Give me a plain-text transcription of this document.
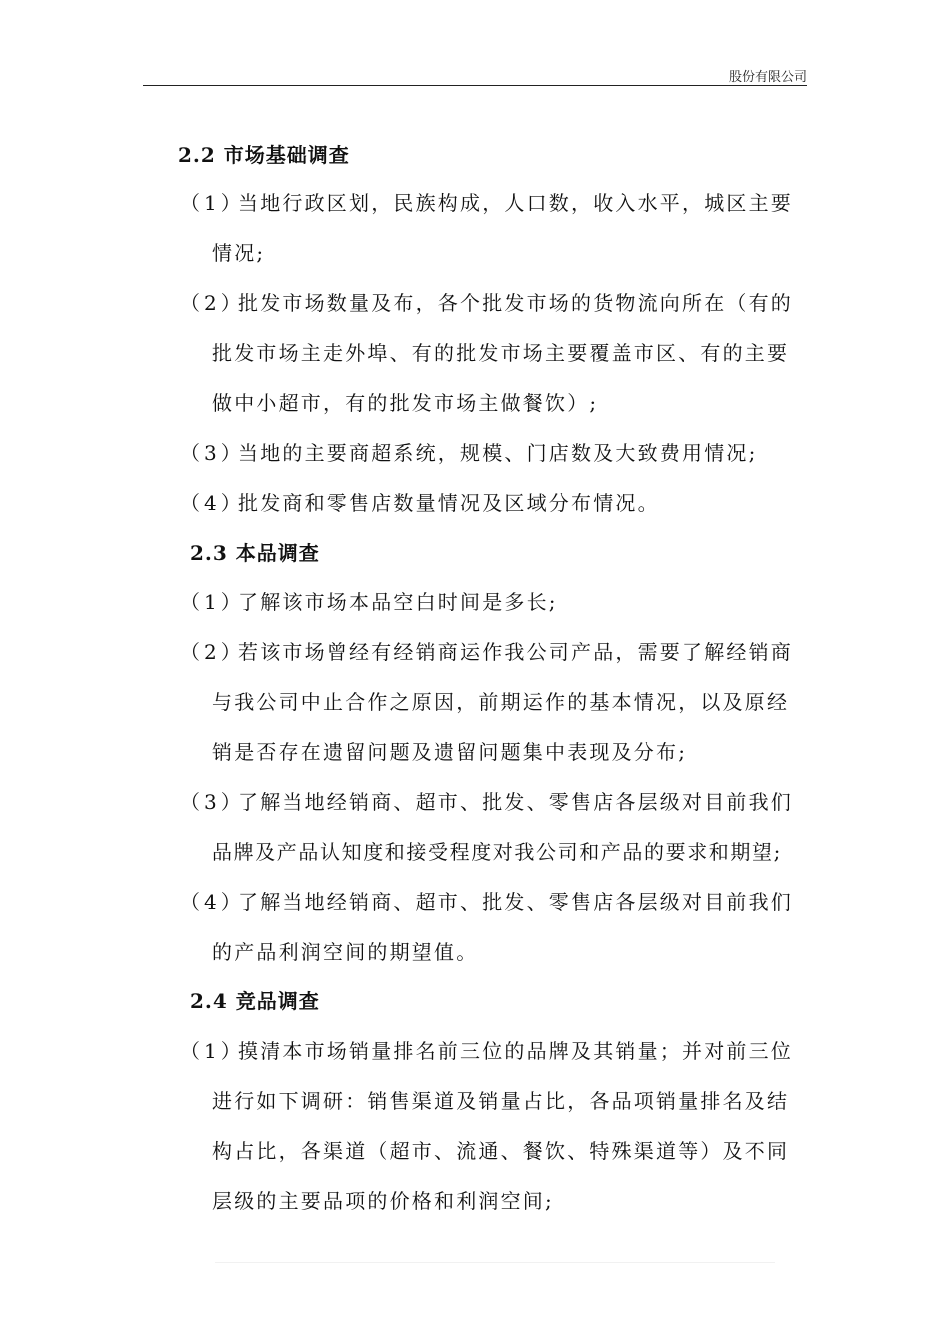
股份有限公司
2.2 市场基础调查
（1）当地行政区划，民族构成，人口数，收入水平，城区主要
情况;
（2）批发市场数量及布，各个批发市场的货物流向所在（有的
批发市场主走外埠、有的批发市场主要覆盖市区、有的主要
做中小超市，有的批发市场主做餐饮）;
（3）当地的主要商超系统，规模、门店数及大致费用情况;
（4）批发商和零售店数量情况及区域分布情况。
2.3 本品调查
（1）了解该市场本品空白时间是多长;
（2）若该市场曾经有经销商运作我公司产品，需要了解经销商
与我公司中止合作之原因，前期运作的基本情况，以及原经
销是否存在遗留问题及遗留问题集中表现及分布;
（3）了解当地经销商、超市、批发、零售店各层级对目前我们
品牌及产品认知度和接受程度对我公司和产品的要求和期望;
（4）了解当地经销商、超市、批发、零售店各层级对目前我们
的产品利润空间的期望值。
2.4 竞品调查
（1）摸清本市场销量排名前三位的品牌及其销量；并对前三位
进行如下调研：销售渠道及销量占比，各品项销量排名及结
构占比，各渠道（超市、流通、餐饮、特殊渠道等）及不同
层级的主要品项的价格和利润空间;
